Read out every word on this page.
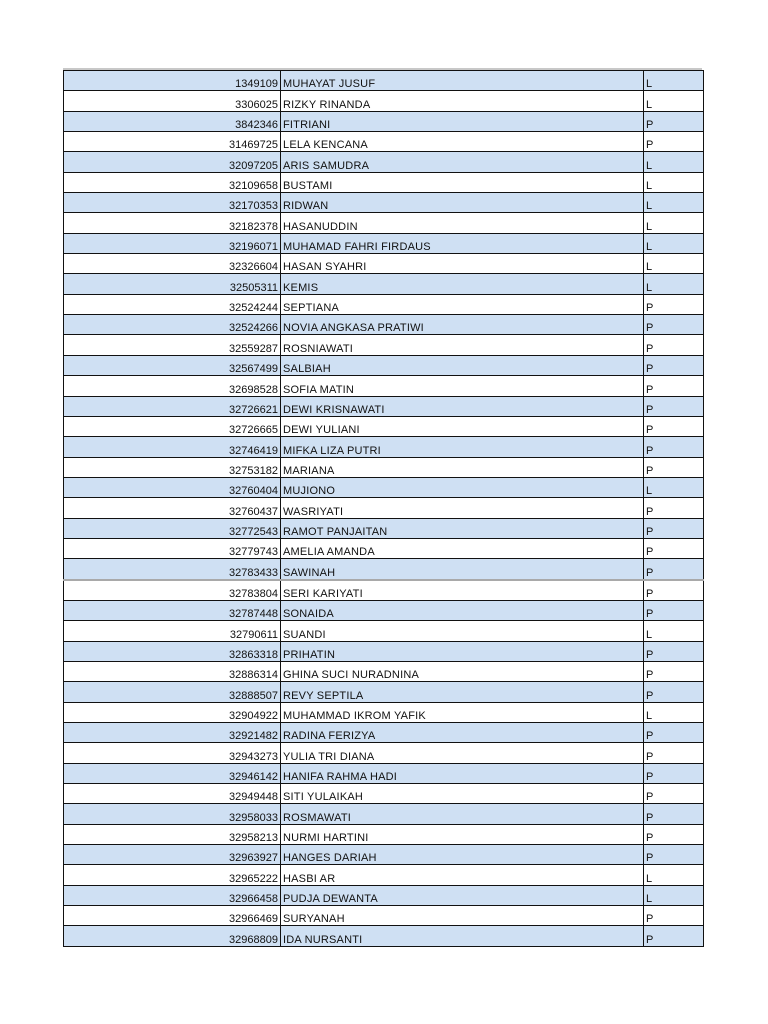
1349109	MUHAYAT JUSUF	L
3306025	RIZKY RINANDA	L
3842346	FITRIANI	P
31469725	LELA KENCANA	P
32097205	ARIS SAMUDRA	L
32109658	BUSTAMI	L
32170353	RIDWAN	L
32182378	HASANUDDIN	L
32196071	MUHAMAD FAHRI FIRDAUS	L
32326604	HASAN SYAHRI	L
32505311	KEMIS	L
32524244	SEPTIANA	P
32524266	NOVIA ANGKASA PRATIWI	P
32559287	ROSNIAWATI	P
32567499	SALBIAH	P
32698528	SOFIA MATIN	P
32726621	DEWI KRISNAWATI	P
32726665	DEWI YULIANI	P
32746419	MIFKA LIZA PUTRI	P
32753182	MARIANA	P
32760404	MUJIONO	L
32760437	WASRIYATI	P
32772543	RAMOT PANJAITAN	P
32779743	AMELIA AMANDA	P
32783433	SAWINAH	P
32783804	SERI KARIYATI	P
32787448	SONAIDA	P
32790611	SUANDI	L
32863318	PRIHATIN	P
32886314	GHINA SUCI NURADNINA	P
32888507	REVY SEPTILA	P
32904922	MUHAMMAD IKROM YAFIK	L
32921482	RADINA FERIZYA	P
32943273	YULIA TRI DIANA	P
32946142	HANIFA RAHMA HADI	P
32949448	SITI YULAIKAH	P
32958033	ROSMAWATI	P
32958213	NURMI HARTINI	P
32963927	HANGES DARIAH	P
32965222	HASBI AR	L
32966458	PUDJA DEWANTA	L
32966469	SURYANAH	P
32968809	IDA NURSANTI	P
